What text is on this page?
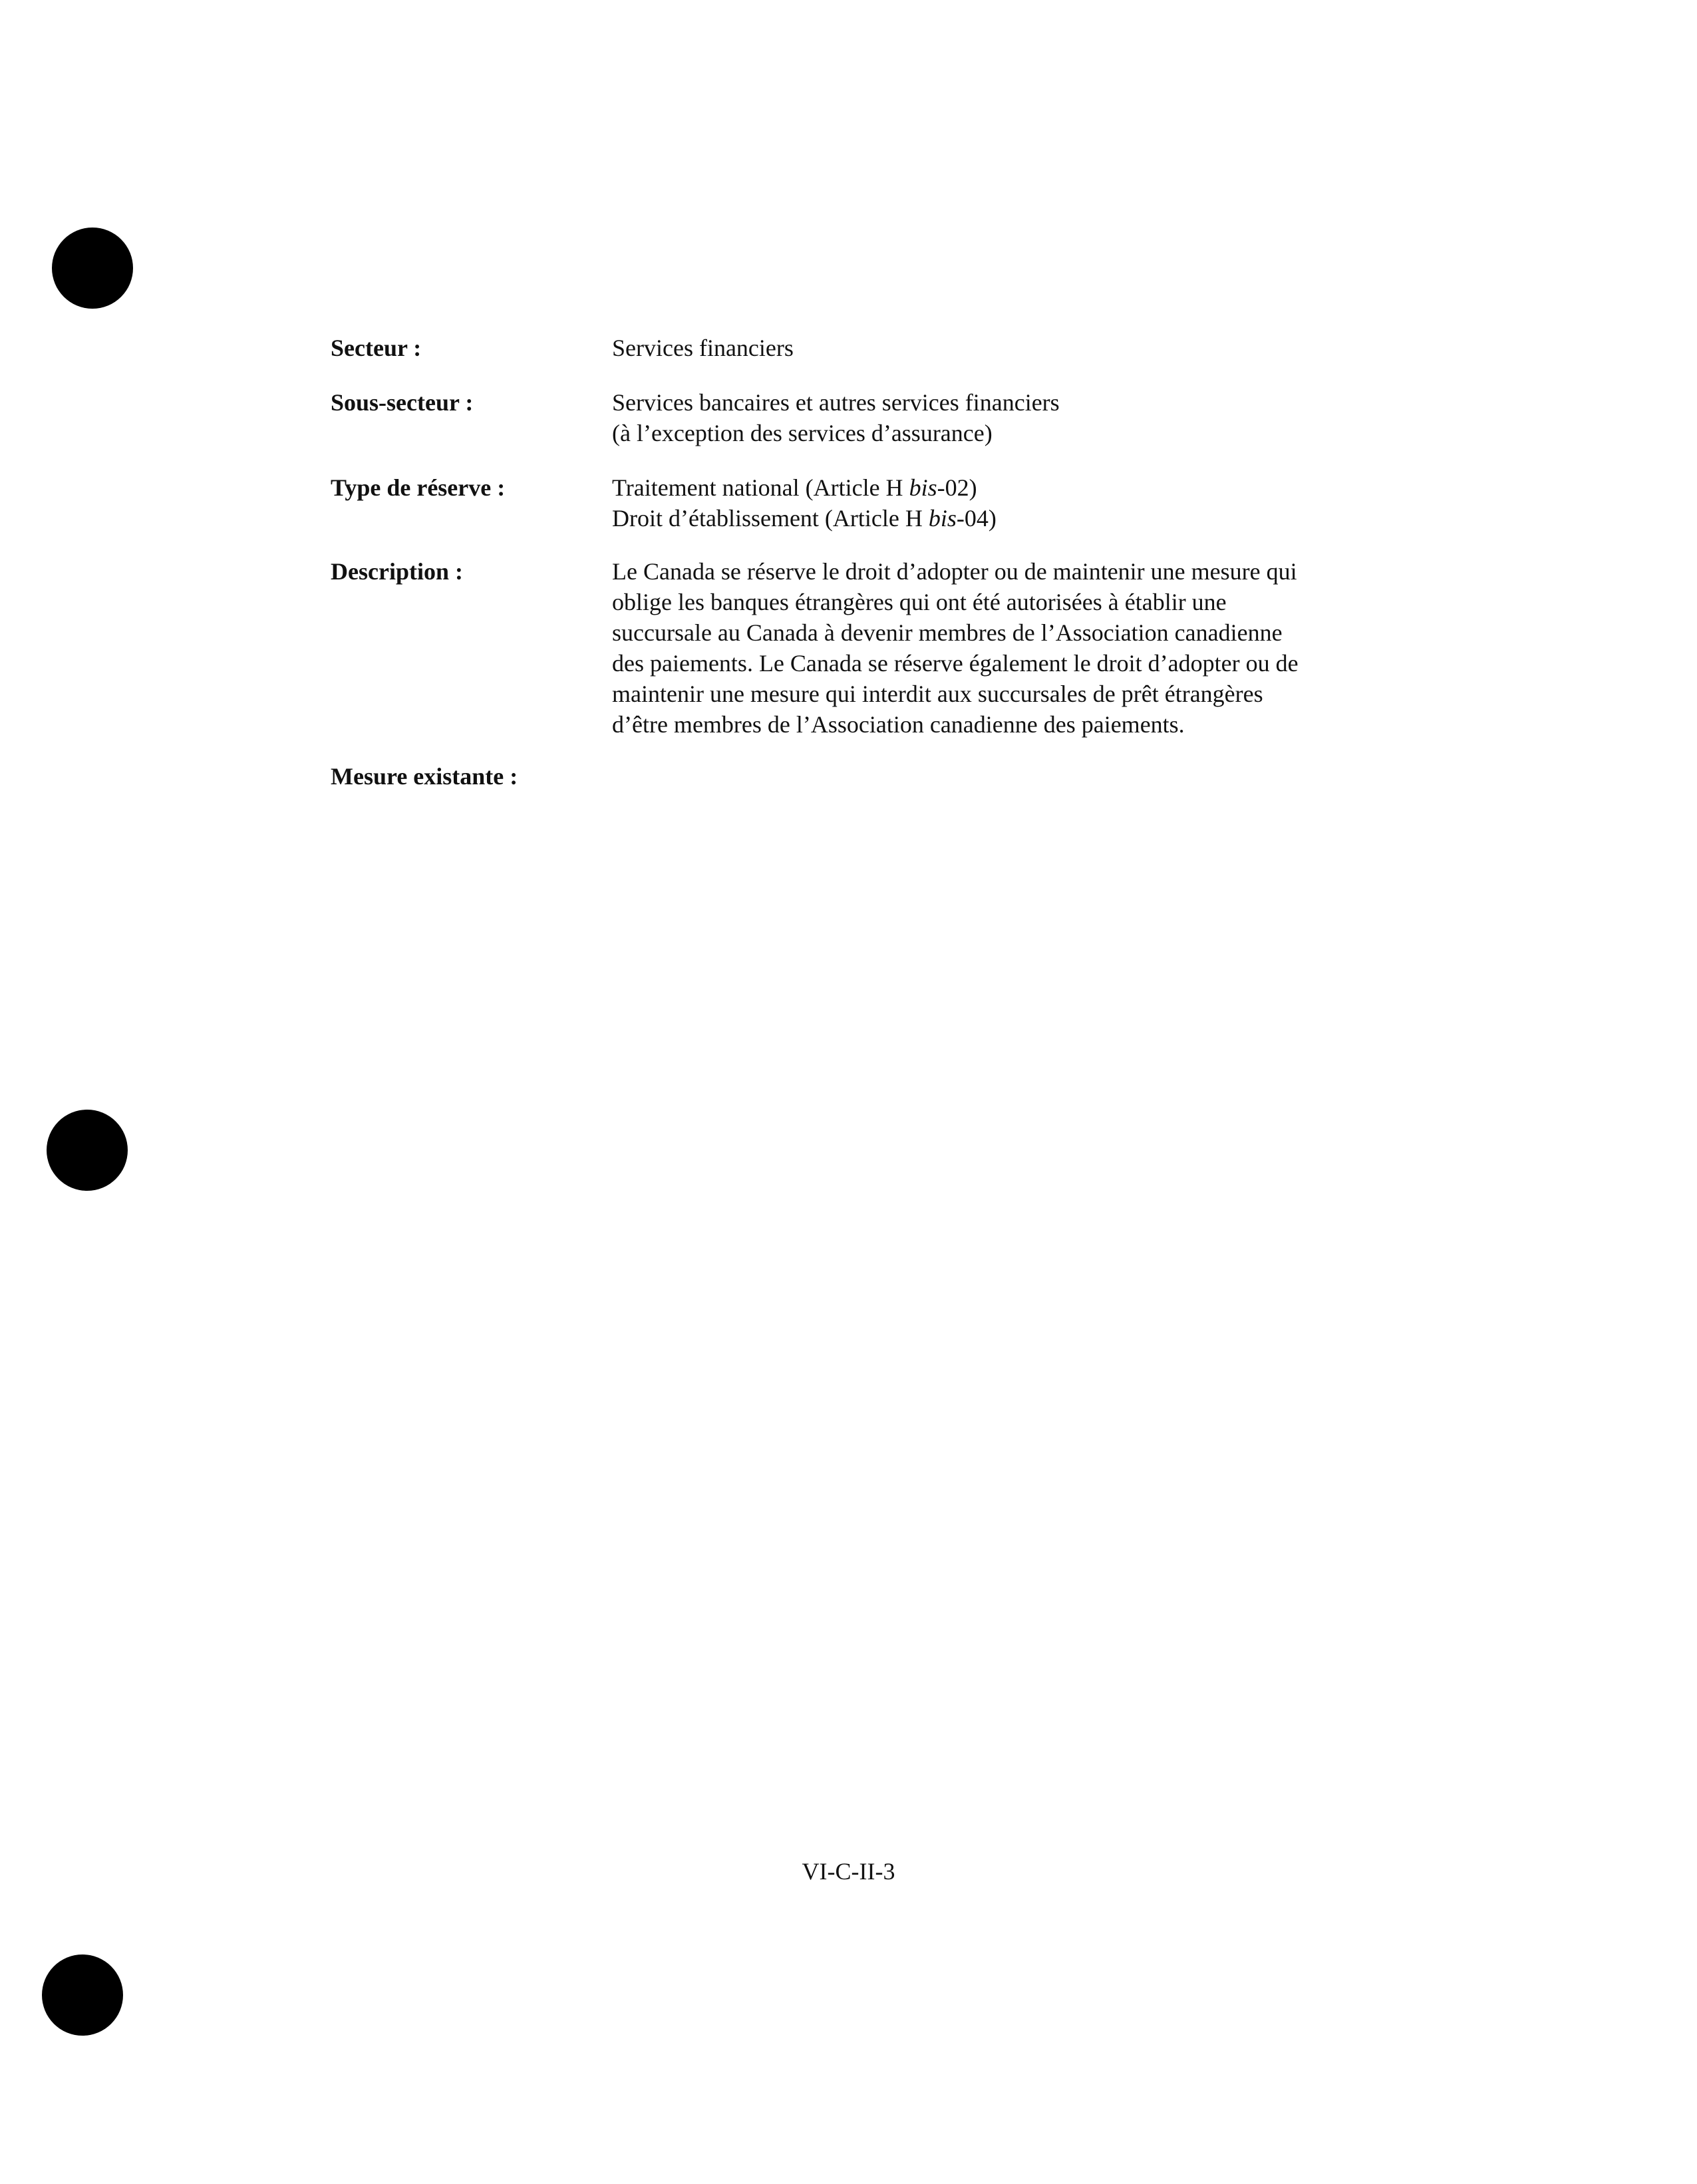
Secteur :	Services financiers
Sous-secteur :	Services bancaires et autres services financiers
(à l’exception des services d’assurance)
Type de réserve :	Traitement national (Article H bis-02)
Droit d’établissement (Article H bis-04)
Description :	Le Canada se réserve le droit d’adopter ou de maintenir une mesure qui
oblige les banques étrangères qui ont été autorisées à établir une
succursale au Canada à devenir membres de l’Association canadienne
des paiements. Le Canada se réserve également le droit d’adopter ou de
maintenir une mesure qui interdit aux succursales de prêt étrangères
d’être membres de l’Association canadienne des paiements.
Mesure existante :
VI-C-II-3
